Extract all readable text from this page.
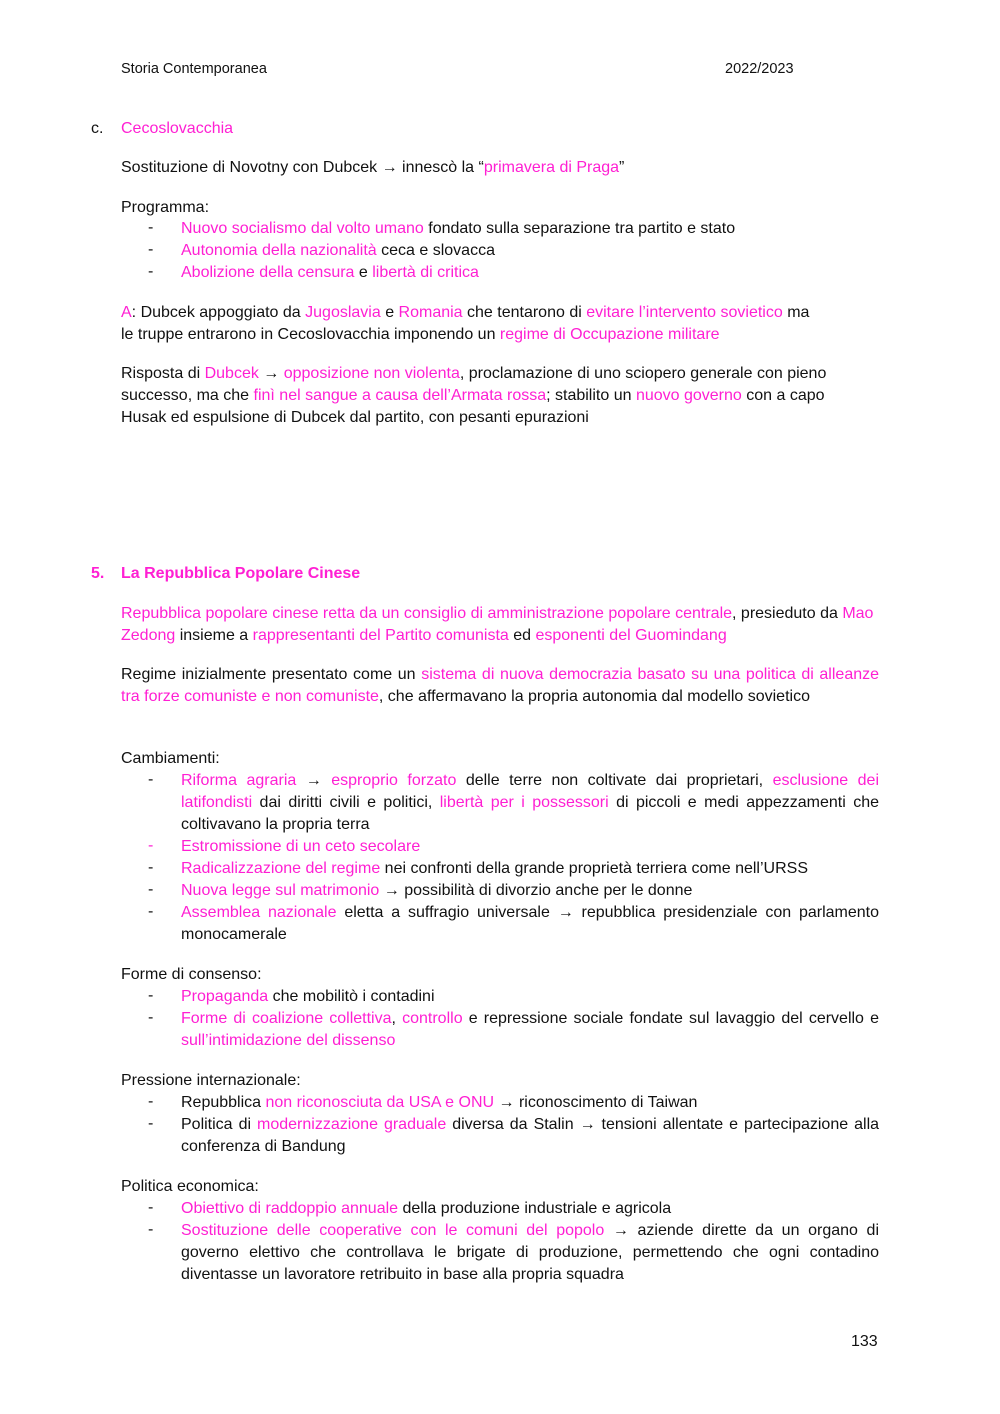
Storia Contemporanea	2022/2023
c. Cecoslovacchia
Sostituzione di Novotny con Dubcek → innescò la “primavera di Praga”
Programma:
- Nuovo socialismo dal volto umano fondato sulla separazione tra partito e stato
- Autonomia della nazionalità ceca e slovacca
- Abolizione della censura e libertà di critica
A: Dubcek appoggiato da Jugoslavia e Romania che tentarono di evitare l’intervento sovietico ma le truppe entrarono in Cecoslovacchia imponendo un regime di Occupazione militare
Risposta di Dubcek → opposizione non violenta, proclamazione di uno sciopero generale con pieno successo, ma che finì nel sangue a causa dell’Armata rossa; stabilito un nuovo governo con a capo Husak ed espulsione di Dubcek dal partito, con pesanti epurazioni
5. La Repubblica Popolare Cinese
Repubblica popolare cinese retta da un consiglio di amministrazione popolare centrale, presieduto da Mao Zedong insieme a rappresentanti del Partito comunista ed esponenti del Guomindang
Regime inizialmente presentato come un sistema di nuova democrazia basato su una politica di alleanze tra forze comuniste e non comuniste, che affermavano la propria autonomia dal modello sovietico
Cambiamenti:
- Riforma agraria → esproprio forzato delle terre non coltivate dai proprietari, esclusione dei latifondisti dai diritti civili e politici, libertà per i possessori di piccoli e medi appezzamenti che coltivavano la propria terra
- Estromissione di un ceto secolare
- Radicalizzazione del regime nei confronti della grande proprietà terriera come nell’URSS
- Nuova legge sul matrimonio → possibilità di divorzio anche per le donne
- Assemblea nazionale eletta a suffragio universale → repubblica presidenziale con parlamento monocamerale
Forme di consenso:
- Propaganda che mobilitò i contadini
- Forme di coalizione collettiva, controllo e repressione sociale fondate sul lavaggio del cervello e sull’intimidazione del dissenso
Pressione internazionale:
- Repubblica non riconosciuta da USA e ONU → riconoscimento di Taiwan
- Politica di modernizzazione graduale diversa da Stalin → tensioni allentate e partecipazione alla conferenza di Bandung
Politica economica:
- Obiettivo di raddoppio annuale della produzione industriale e agricola
- Sostituzione delle cooperative con le comuni del popolo → aziende dirette da un organo di governo elettivo che controllava le brigate di produzione, permettendo che ogni contadino diventasse un lavoratore retribuito in base alla propria squadra
133
